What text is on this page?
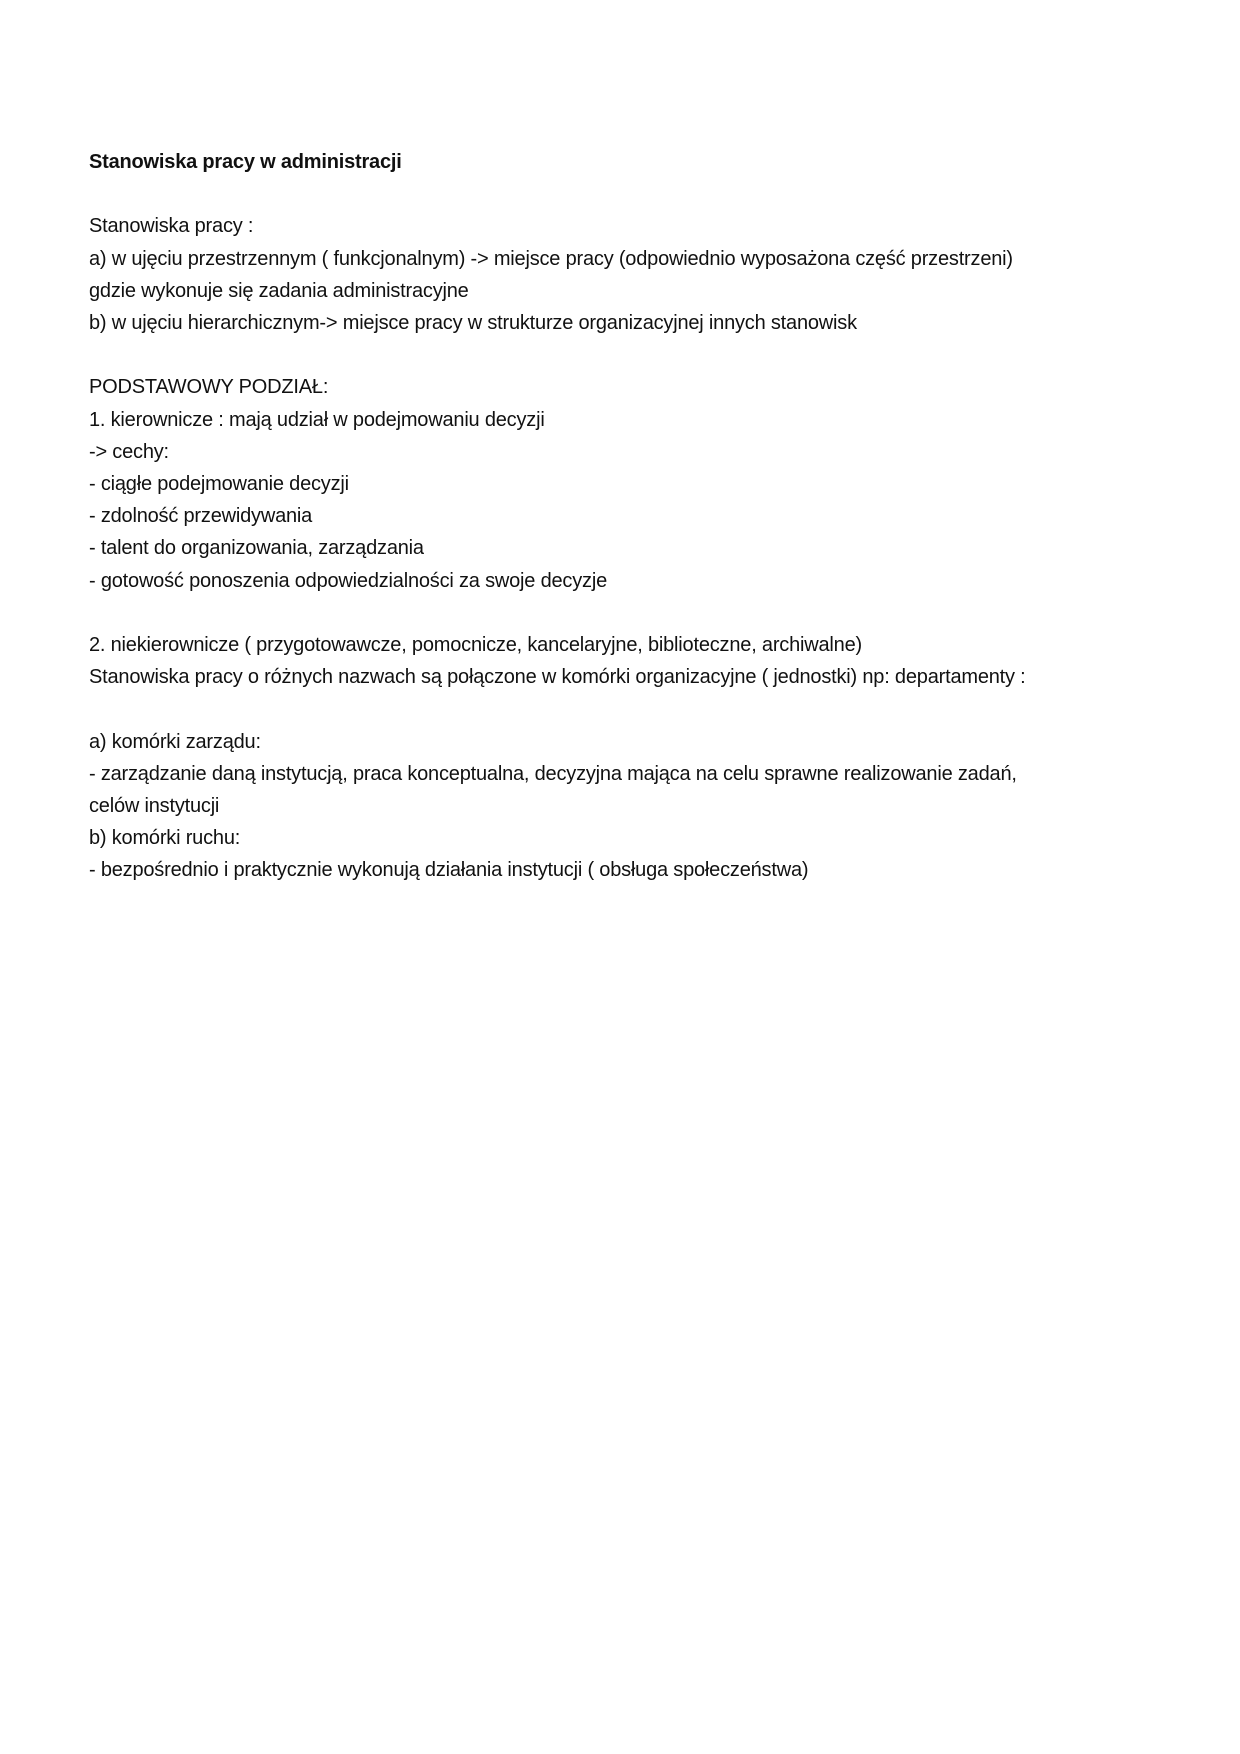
Stanowiska pracy w administracji
Stanowiska pracy :
a) w ujęciu przestrzennym ( funkcjonalnym) -> miejsce pracy (odpowiednio wyposażona część przestrzeni)
gdzie wykonuje się zadania administracyjne
b) w ujęciu hierarchicznym-> miejsce pracy w strukturze organizacyjnej innych stanowisk
PODSTAWOWY PODZIAŁ:
1. kierownicze : mają udział w podejmowaniu decyzji
-> cechy:
- ciągłe podejmowanie decyzji
- zdolność przewidywania
- talent do organizowania, zarządzania
- gotowość ponoszenia odpowiedzialności za swoje decyzje
2. niekierownicze ( przygotowawcze, pomocnicze, kancelaryjne, biblioteczne, archiwalne)
Stanowiska pracy o różnych nazwach są połączone w komórki organizacyjne ( jednostki) np: departamenty :
a) komórki zarządu:
- zarządzanie daną instytucją, praca konceptualna, decyzyjna mająca na celu sprawne realizowanie zadań,
celów instytucji
b) komórki ruchu:
- bezpośrednio i praktycznie wykonują działania instytucji ( obsługa społeczeństwa)
